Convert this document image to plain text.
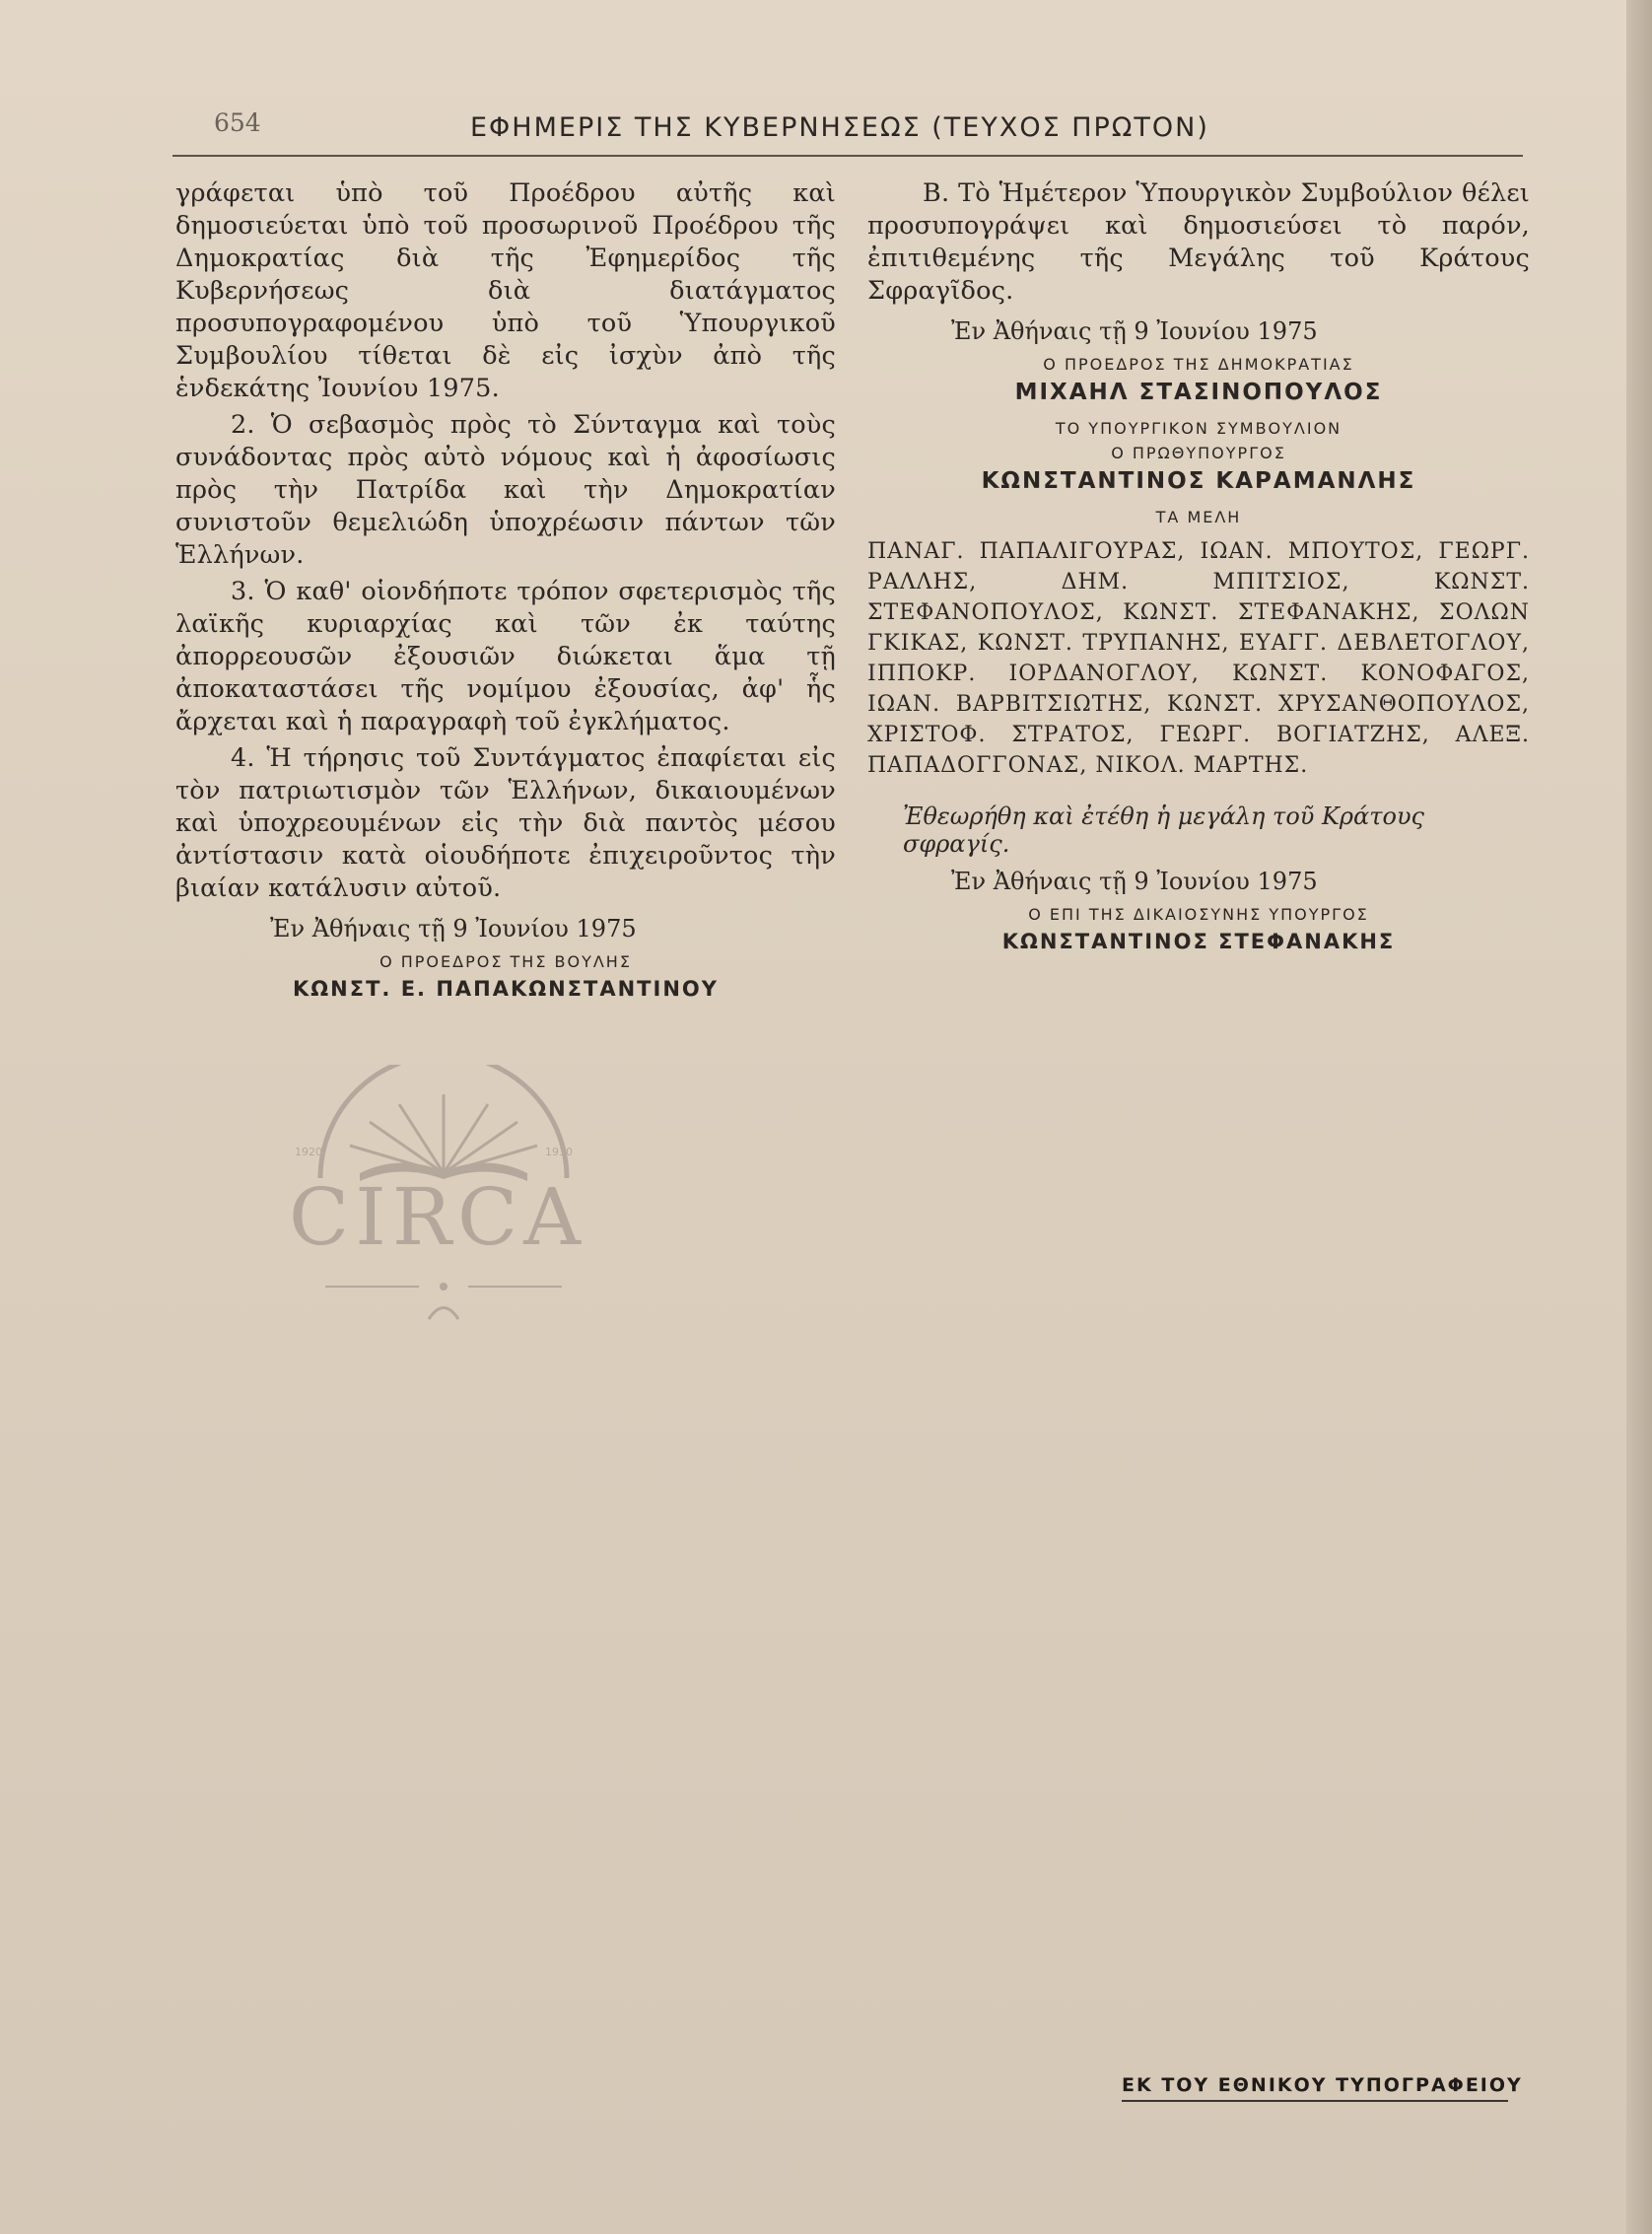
654	ΕΦΗΜΕΡΙΣ ΤΗΣ ΚΥΒΕΡΝΗΣΕΩΣ (ΤΕΥΧΟΣ ΠΡΩΤΟΝ)

γράφεται ὑπὸ τοῦ Προέδρου αὐτῆς καὶ δημοσιεύεται ὑπὸ τοῦ προσωρινοῦ Προέδρου τῆς Δημοκρατίας διὰ τῆς Ἐφημερίδος τῆς Κυβερνήσεως διὰ διατάγματος προσυπογραφομένου ὑπὸ τοῦ Ὑπουργικοῦ Συμβουλίου τίθεται δὲ εἰς ἰσχὺν ἀπὸ τῆς ἑνδεκάτης Ἰουνίου 1975.

2. Ὁ σεβασμὸς πρὸς τὸ Σύνταγμα καὶ τοὺς συνάδοντας πρὸς αὐτὸ νόμους καὶ ἡ ἀφοσίωσις πρὸς τὴν Πατρίδα καὶ τὴν Δημοκρατίαν συνιστοῦν θεμελιώδη ὑποχρέωσιν πάντων τῶν Ἑλλήνων.

3. Ὁ καθ' οἱονδήποτε τρόπον σφετερισμὸς τῆς λαϊκῆς κυριαρχίας καὶ τῶν ἐκ ταύτης ἀπορρεουσῶν ἐξουσιῶν διώκεται ἅμα τῇ ἀποκαταστάσει τῆς νομίμου ἐξουσίας, ἀφ' ἧς ἄρχεται καὶ ἡ παραγραφὴ τοῦ ἐγκλήματος.

4. Ἡ τήρησις τοῦ Συντάγματος ἐπαφίεται εἰς τὸν πατριωτισμὸν τῶν Ἑλλήνων, δικαιουμένων καὶ ὑποχρεουμένων εἰς τὴν διὰ παντὸς μέσου ἀντίστασιν κατὰ οἱουδήποτε ἐπιχειροῦντος τὴν βιαίαν κατάλυσιν αὐτοῦ.

Ἐν Ἀθήναις τῇ 9 Ἰουνίου 1975
Ο ΠΡΟΕΔΡΟΣ ΤΗΣ ΒΟΥΛΗΣ
ΚΩΝΣΤ. Ε. ΠΑΠΑΚΩΝΣΤΑΝΤΙΝΟΥ

Β. Τὸ Ἡμέτερον Ὑπουργικὸν Συμβούλιον θέλει προσυπογράψει καὶ δημοσιεύσει τὸ παρόν, ἐπιτιθεμένης τῆς Μεγάλης τοῦ Κράτους Σφραγῖδος.

Ἐν Ἀθήναις τῇ 9 Ἰουνίου 1975
Ο ΠΡΟΕΔΡΟΣ ΤΗΣ ΔΗΜΟΚΡΑΤΙΑΣ
ΜΙΧΑΗΛ ΣΤΑΣΙΝΟΠΟΥΛΟΣ
ΤΟ ΥΠΟΥΡΓΙΚΟΝ ΣΥΜΒΟΥΛΙΟΝ
Ο ΠΡΩΘΥΠΟΥΡΓΟΣ
ΚΩΝΣΤΑΝΤΙΝΟΣ ΚΑΡΑΜΑΝΛΗΣ
ΤΑ ΜΕΛΗ

ΠΑΝΑΓ. ΠΑΠΑΛΙΓΟΥΡΑΣ, ΙΩΑΝ. ΜΠΟΥΤΟΣ, ΓΕΩΡΓ. ΡΑΛΛΗΣ, ΔΗΜ. ΜΠΙΤΣΙΟΣ, ΚΩΝΣΤ. ΣΤΕΦΑΝΟΠΟΥΛΟΣ, ΚΩΝΣΤ. ΣΤΕΦΑΝΑΚΗΣ, ΣΟΛΩΝ ΓΚΙΚΑΣ, ΚΩΝΣΤ. ΤΡΥΠΑΝΗΣ, ΕΥΑΓΓ. ΔΕΒΛΕΤΟΓΛΟΥ, ΙΠΠΟΚΡ. ΙΟΡΔΑΝΟΓΛΟΥ, ΚΩΝΣΤ. ΚΟΝΟΦΑΓΟΣ, ΙΩΑΝ. ΒΑΡΒΙΤΣΙΩΤΗΣ, ΚΩΝΣΤ. ΧΡΥΣΑΝΘΟΠΟΥΛΟΣ, ΧΡΙΣΤΟΦ. ΣΤΡΑΤΟΣ, ΓΕΩΡΓ. ΒΟΓΙΑΤΖΗΣ, ΑΛΕΞ. ΠΑΠΑΔΟΓΓΟΝΑΣ, ΝΙΚΟΛ. ΜΑΡΤΗΣ.

Ἐθεωρήθη καὶ ἐτέθη ἡ μεγάλη τοῦ Κράτους σφραγίς.

Ἐν Ἀθήναις τῇ 9 Ἰουνίου 1975
Ο ΕΠΙ ΤΗΣ ΔΙΚΑΙΟΣΥΝΗΣ ΥΠΟΥΡΓΟΣ
ΚΩΝΣΤΑΝΤΙΝΟΣ ΣΤΕΦΑΝΑΚΗΣ
1920	1930
CIRCA
ΕΚ ΤΟΥ ΕΘΝΙΚΟΥ ΤΥΠΟΓΡΑΦΕΙΟΥ
